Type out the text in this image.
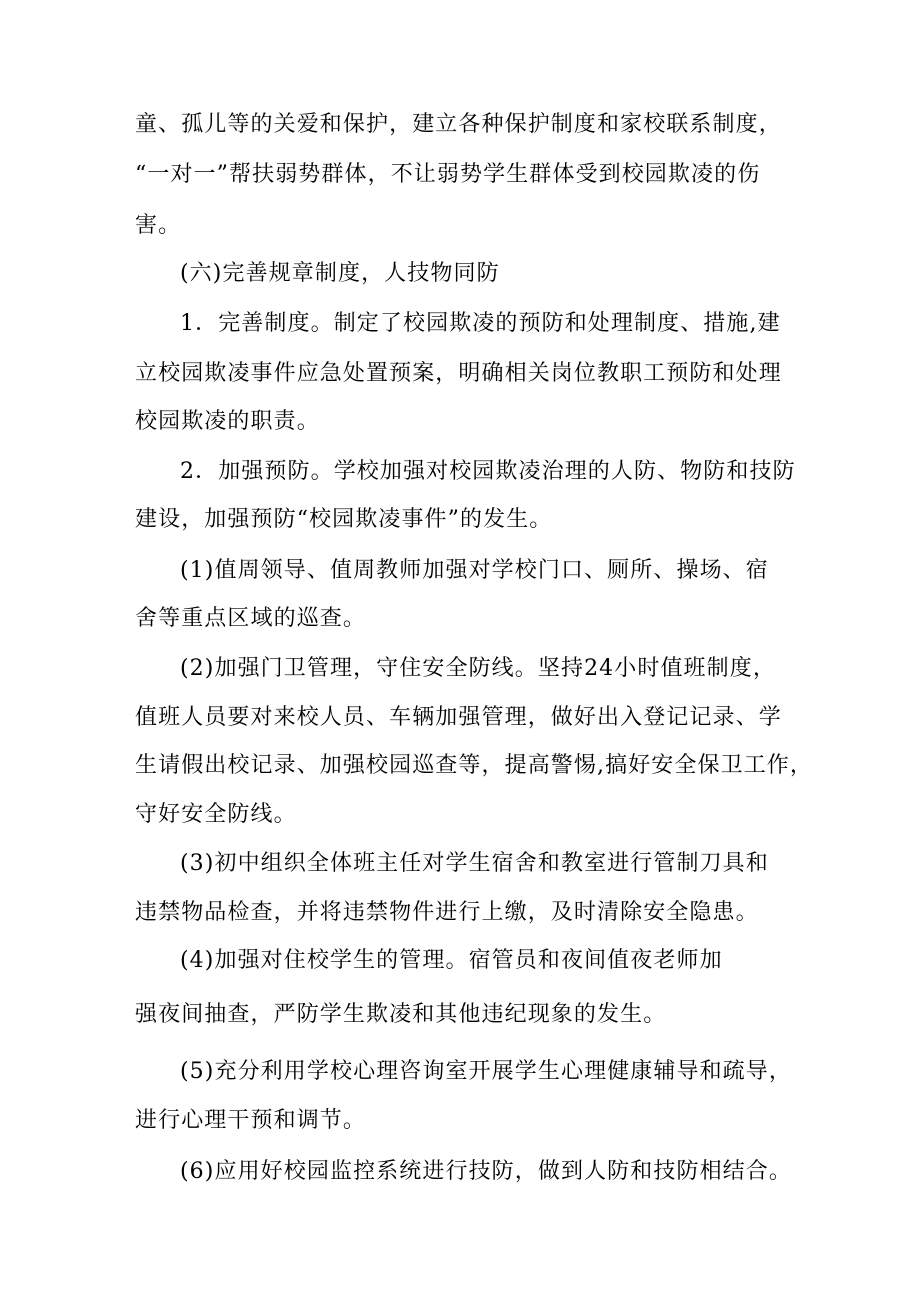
童、孤儿等的关爱和保护，建立各种保护制度和家校联系制度，
“一对一”帮扶弱势群体，不让弱势学生群体受到校园欺凌的伤
害。
(六)完善规章制度，人技物同防
1．完善制度。制定了校园欺凌的预防和处理制度、措施,建
立校园欺凌事件应急处置预案，明确相关岗位教职工预防和处理
校园欺凌的职责。
2．加强预防。学校加强对校园欺凌治理的人防、物防和技防
建设，加强预防“校园欺凌事件”的发生。
(1)值周领导、值周教师加强对学校门口、厕所、操场、宿
舍等重点区域的巡查。
(2)加强门卫管理，守住安全防线。坚持24小时值班制度，
值班人员要对来校人员、车辆加强管理，做好出入登记记录、学
生请假出校记录、加强校园巡查等，提高警惕,搞好安全保卫工作，
守好安全防线。
(3)初中组织全体班主任对学生宿舍和教室进行管制刀具和
违禁物品检查，并将违禁物件进行上缴，及时清除安全隐患。
(4)加强对住校学生的管理。宿管员和夜间值夜老师加
强夜间抽查，严防学生欺凌和其他违纪现象的发生。
(5)充分利用学校心理咨询室开展学生心理健康辅导和疏导，
进行心理干预和调节。
(6)应用好校园监控系统进行技防，做到人防和技防相结合。
